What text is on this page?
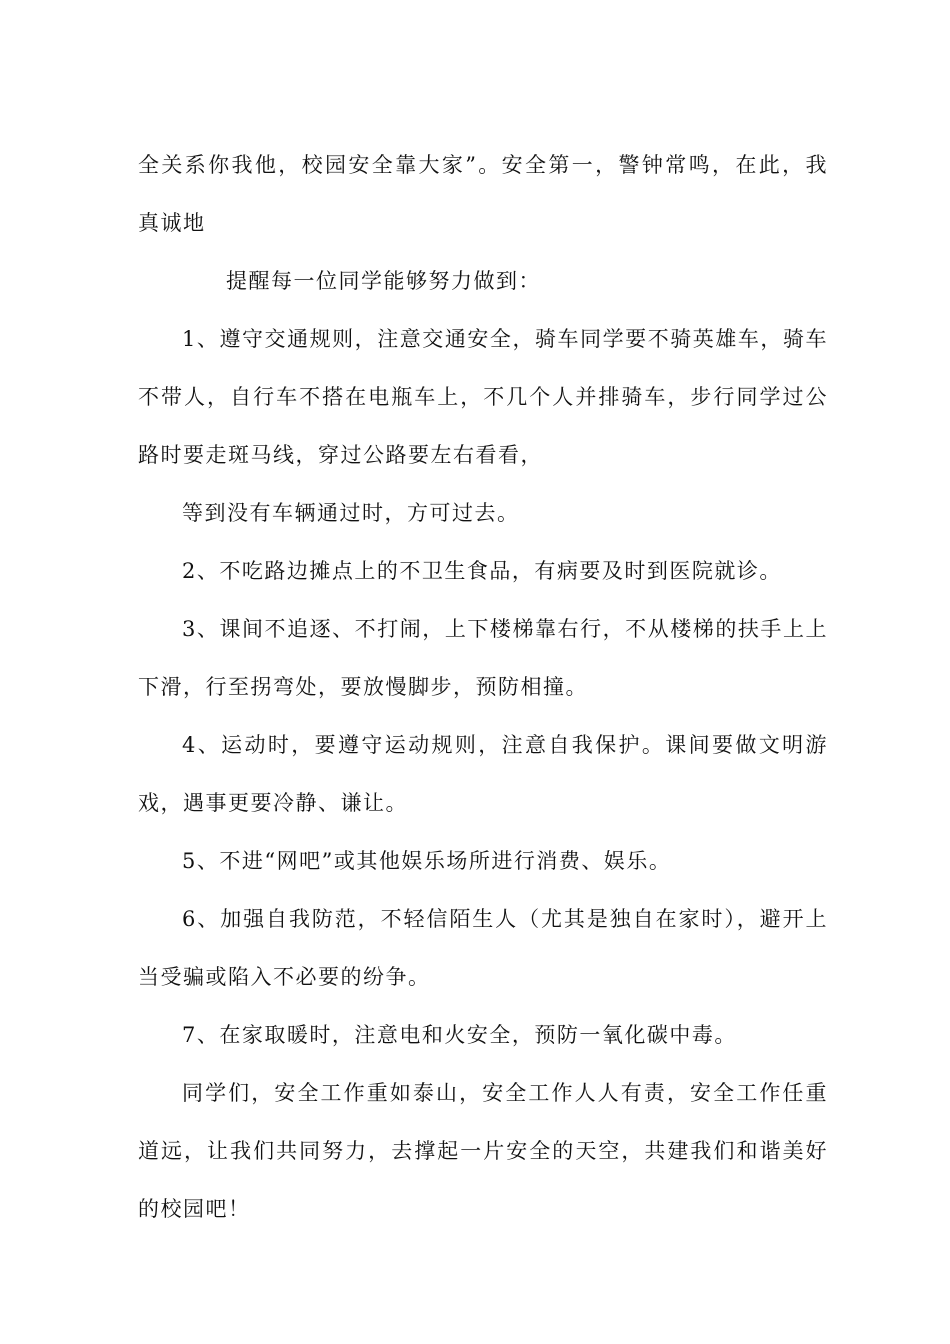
全关系你我他，校园安全靠大家”。安全第一，警钟常鸣，在此，我
真诚地
提醒每一位同学能够努力做到：
1、遵守交通规则，注意交通安全，骑车同学要不骑英雄车，骑车
不带人，自行车不搭在电瓶车上，不几个人并排骑车，步行同学过公
路时要走斑马线，穿过公路要左右看看，
等到没有车辆通过时，方可过去。
2、不吃路边摊点上的不卫生食品，有病要及时到医院就诊。
3、课间不追逐、不打闹，上下楼梯靠右行，不从楼梯的扶手上上
下滑，行至拐弯处，要放慢脚步，预防相撞。
4、运动时，要遵守运动规则，注意自我保护。课间要做文明游
戏，遇事更要冷静、谦让。
5、不进“网吧”或其他娱乐场所进行消费、娱乐。
6、加强自我防范，不轻信陌生人（尤其是独自在家时），避开上
当受骗或陷入不必要的纷争。
7、在家取暖时，注意电和火安全，预防一氧化碳中毒。
同学们，安全工作重如泰山，安全工作人人有责，安全工作任重
道远，让我们共同努力，去撑起一片安全的天空，共建我们和谐美好
的校园吧！
